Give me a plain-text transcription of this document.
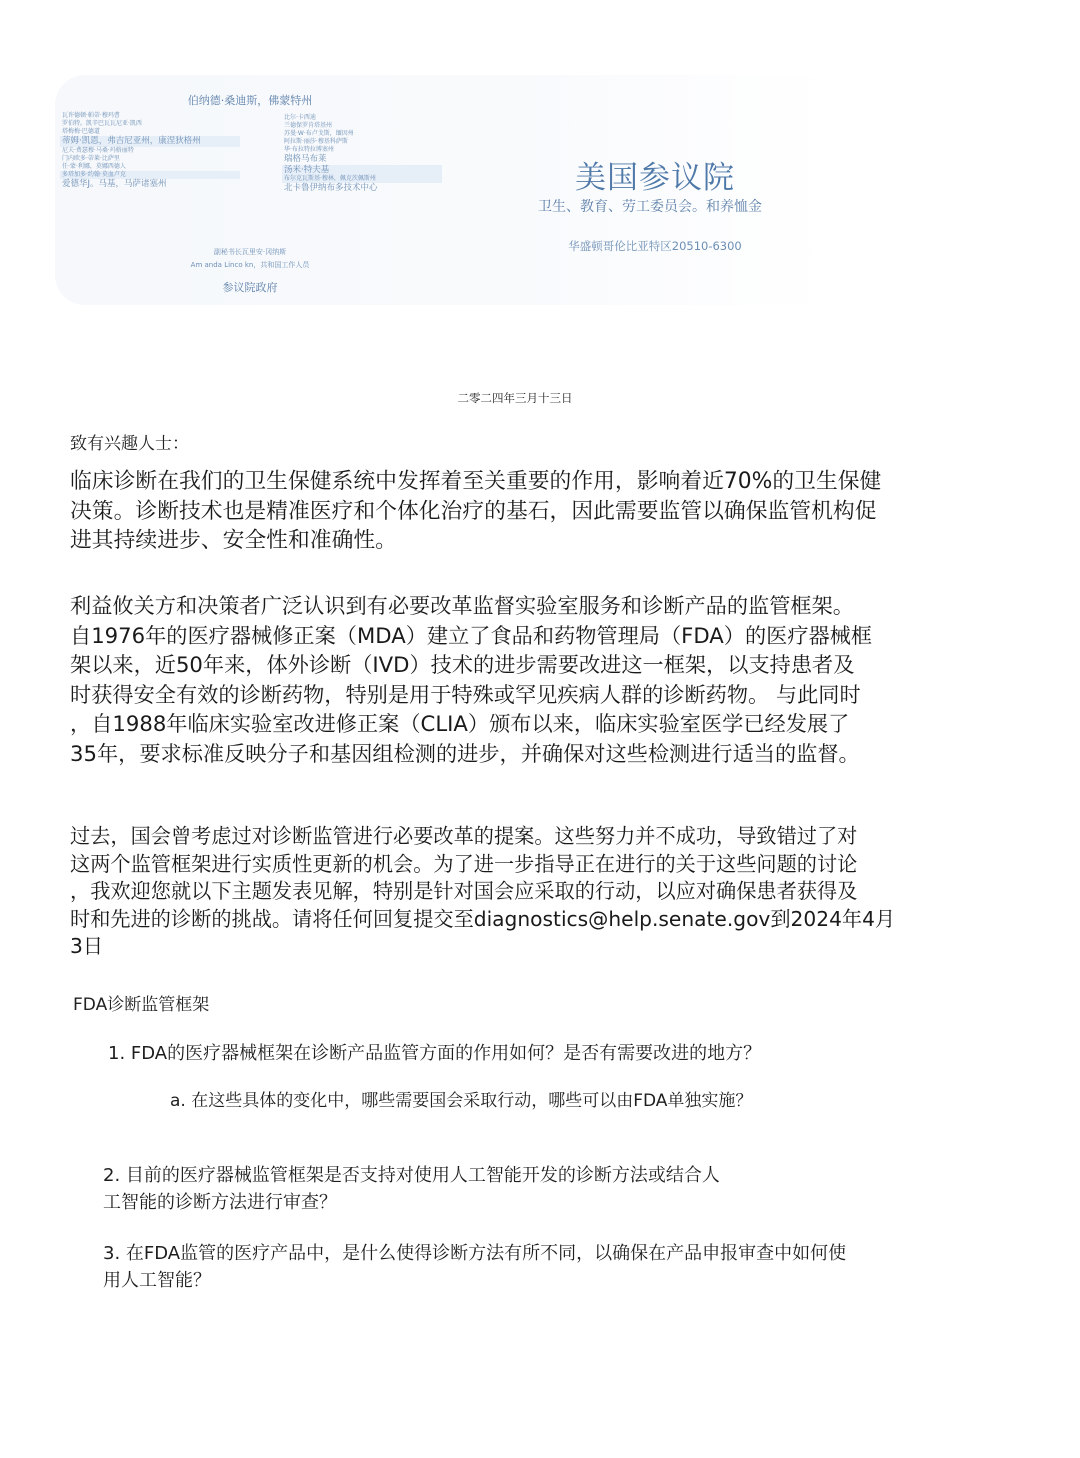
伯纳德·桑迪斯，佛蒙特州
瓦许德顿·帕蒂·穆玛曹
罗伯特。凯辛巴瓦瓦尼亚·凯西
塔梅梅·巴德道
蒂姆·凯恩，弗吉尼亚州，康涅狄格州
尼夫·费瑟穆·马桑·玛格丽特
门内欧多·蒂莱·比萨里
任·蒙·利娜，莫娜西德人
多塔加多·约翰·莫血卢克
爱德华J。马基，马萨诸塞州
比尔·卡西迪
兰德保罗肯塔基州
苏曼·W·布卢戈斯，缅因州
阿拉斯·丽莎·穆基科萨斯
华·布拉特拉博塞州
瑞格马布莱
汤米·特夫基
布尔克瓦斯基·穆林，佩克茨佩斯州
北卡鲁伊纳布多技术中心
副秘书长瓦里安·冈纳斯
Am anda Linco kn，共和国工作人员
参议院政府
美国参议院
卫生、教育、劳工委员会。和养恤金
华盛顿哥伦比亚特区20510-6300
二零二四年三月十三日
致有兴趣人士：
临床诊断在我们的卫生保健系统中发挥着至关重要的作用，影响着近70%的卫生保健
决策。诊断技术也是精准医疗和个体化治疗的基石，因此需要监管以确保监管机构促
进其持续进步、安全性和准确性。
利益攸关方和决策者广泛认识到有必要改革监督实验室服务和诊断产品的监管框架。
自1976年的医疗器械修正案（MDA）建立了食品和药物管理局（FDA）的医疗器械框
架以来，近50年来，体外诊断（IVD）技术的进步需要改进这一框架，以支持患者及
时获得安全有效的诊断药物，特别是用于特殊或罕见疾病人群的诊断药物。 与此同时
，自1988年临床实验室改进修正案（CLIA）颁布以来，临床实验室医学已经发展了
35年，要求标准反映分子和基因组检测的进步，并确保对这些检测进行适当的监督。
过去，国会曾考虑过对诊断监管进行必要改革的提案。这些努力并不成功，导致错过了对
这两个监管框架进行实质性更新的机会。为了进一步指导正在进行的关于这些问题的讨论
，我欢迎您就以下主题发表见解，特别是针对国会应采取的行动，以应对确保患者获得及
时和先进的诊断的挑战。请将任何回复提交至diagnostics@help.senate.gov到2024年4月
3日
FDA诊断监管框架
1. FDA的医疗器械框架在诊断产品监管方面的作用如何？是否有需要改进的地方？
a. 在这些具体的变化中，哪些需要国会采取行动，哪些可以由FDA单独实施？
2. 目前的医疗器械监管框架是否支持对使用人工智能开发的诊断方法或结合人
工智能的诊断方法进行审查？
3. 在FDA监管的医疗产品中，是什么使得诊断方法有所不同，以确保在产品申报审查中如何使
用人工智能？
